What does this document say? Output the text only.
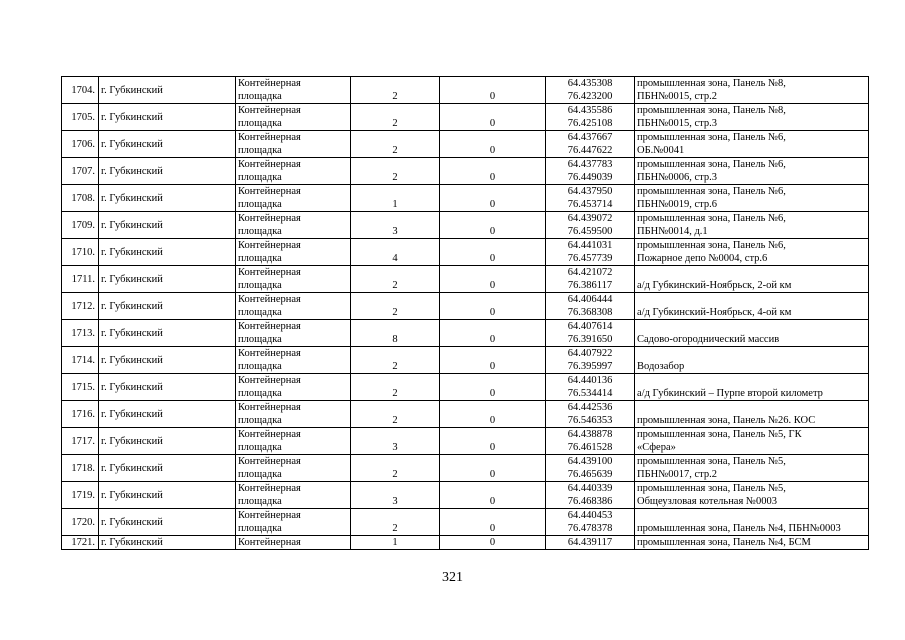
1704.	г. Губкинский	Контейнерная
площадка	2	0	64.435308
76.423200	промышленная зона, Панель №8,
ПБН№0015, стр.2

1705.	г. Губкинский	Контейнерная
площадка	2	0	64.435586
76.425108	промышленная зона, Панель №8,
ПБН№0015, стр.3

1706.	г. Губкинский	Контейнерная
площадка	2	0	64.437667
76.447622	промышленная зона, Панель №6,
ОБ.№0041

1707.	г. Губкинский	Контейнерная
площадка	2	0	64.437783
76.449039	промышленная зона, Панель №6,
ПБН№0006, стр.3

1708.	г. Губкинский	Контейнерная
площадка	1	0	64.437950
76.453714	промышленная зона, Панель №6,
ПБН№0019, стр.6

1709.	г. Губкинский	Контейнерная
площадка	3	0	64.439072
76.459500	промышленная зона, Панель №6,
ПБН№0014, д.1

1710.	г. Губкинский	Контейнерная
площадка	4	0	64.441031
76.457739	промышленная зона, Панель №6,
Пожарное депо №0004, стр.6

1711.	г. Губкинский	Контейнерная
площадка	2	0	64.421072
76.386117	а/д Губкинский-Ноябрьск, 2-ой км

1712.	г. Губкинский	Контейнерная
площадка	2	0	64.406444
76.368308	а/д Губкинский-Ноябрьск, 4-ой км

1713.	г. Губкинский	Контейнерная
площадка	8	0	64.407614
76.391650	Садово-огороднический массив

1714.	г. Губкинский	Контейнерная
площадка	2	0	64.407922
76.395997	Водозабор

1715.	г. Губкинский	Контейнерная
площадка	2	0	64.440136
76.534414	а/д Губкинский – Пурпе второй километр

1716.	г. Губкинский	Контейнерная
площадка	2	0	64.442536
76.546353	промышленная зона, Панель №26. КОС

1717.	г. Губкинский	Контейнерная
площадка	3	0	64.438878
76.461528	промышленная зона, Панель №5, ГК
«Сфера»

1718.	г. Губкинский	Контейнерная
площадка	2	0	64.439100
76.465639	промышленная зона, Панель №5,
ПБН№0017, стр.2

1719.	г. Губкинский	Контейнерная
площадка	3	0	64.440339
76.468386	промышленная зона, Панель №5,
Общеузловая котельная №0003

1720.	г. Губкинский	Контейнерная
площадка	2	0	64.440453
76.478378	промышленная зона, Панель №4, ПБН№0003

1721.	г. Губкинский	Контейнерная	1	0	64.439117	промышленная зона, Панель №4, БСМ
321
